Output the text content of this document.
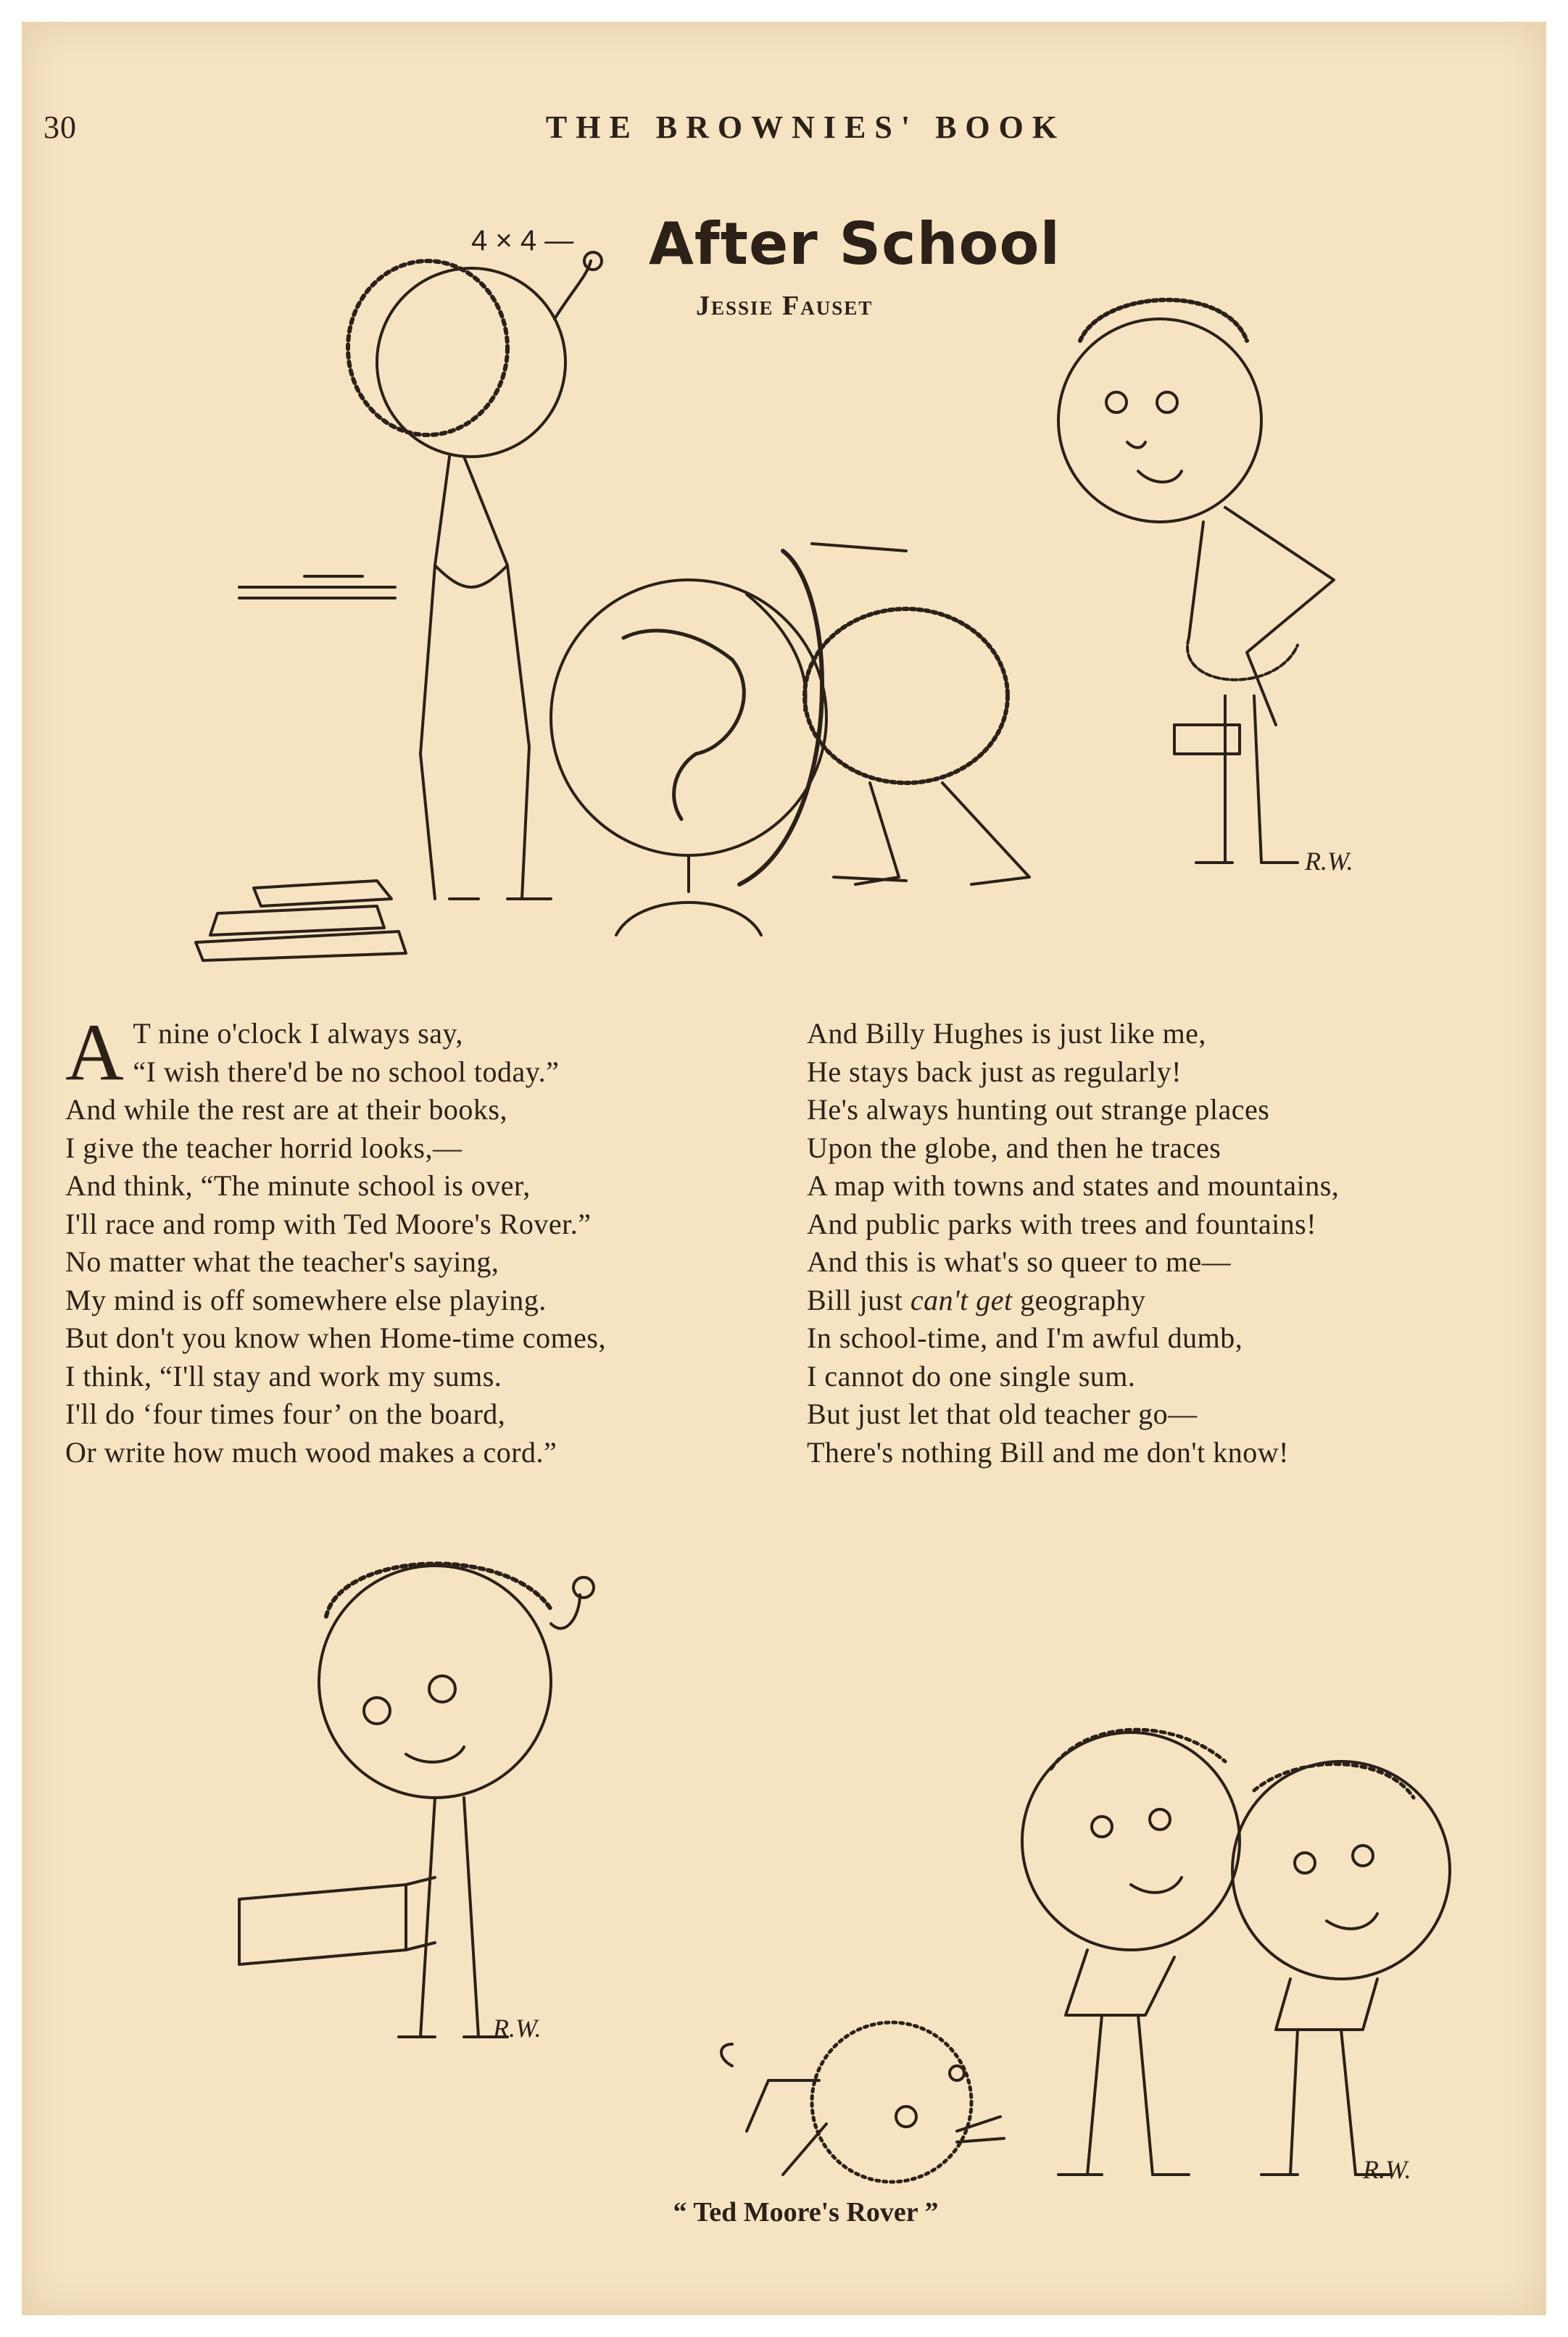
30	THE BROWNIES' BOOK
After School
Jessie Fauset
4 × 4 —
R.W.
R.W.
R.W.
A T nine o'clock I always say,
“I wish there'd be no school today.”
And while the rest are at their books,
I give the teacher horrid looks,—
And think, “The minute school is over,
I'll race and romp with Ted Moore's Rover.”
No matter what the teacher's saying,
My mind is off somewhere else playing.
But don't you know when Home-time comes,
I think, “I'll stay and work my sums.
I'll do ‘four times four’ on the board,
Or write how much wood makes a cord.”
And Billy Hughes is just like me,
He stays back just as regularly!
He's always hunting out strange places
Upon the globe, and then he traces
A map with towns and states and mountains,
And public parks with trees and fountains!
And this is what's so queer to me—
Bill just can't get geography
In school-time, and I'm awful dumb,
I cannot do one single sum.
But just let that old teacher go—
There's nothing Bill and me don't know!
“ Ted Moore's Rover ”
